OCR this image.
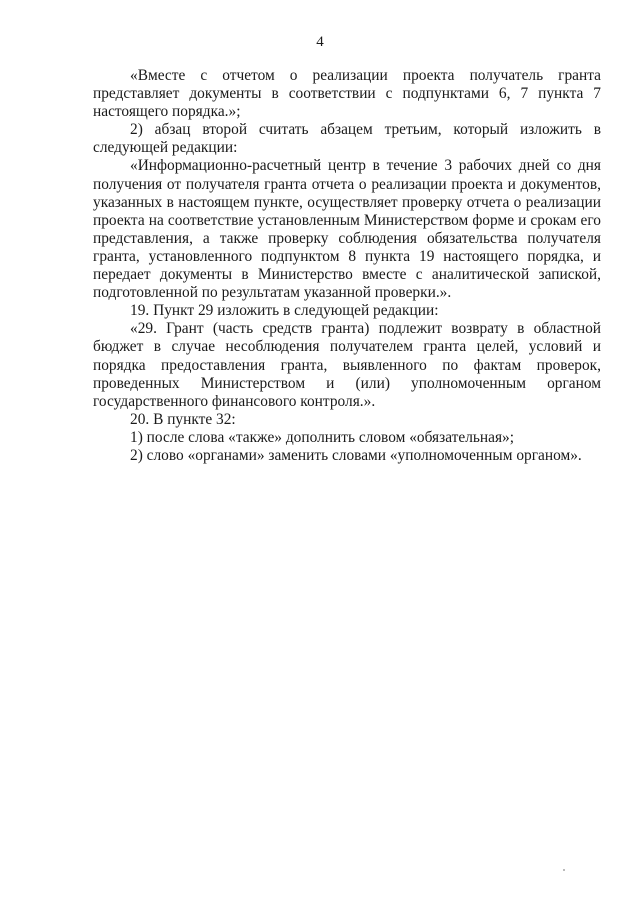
4

«Вместе с отчетом о реализации проекта получатель гранта представляет документы в соответствии с подпунктами 6, 7 пункта 7 настоящего порядка.»;

2) абзац второй считать абзацем третьим, который изложить в следующей редакции:

«Информационно-расчетный центр в течение 3 рабочих дней со дня получения от получателя гранта отчета о реализации проекта и документов, указанных в настоящем пункте, осуществляет проверку отчета о реализации проекта на соответствие установленным Министерством форме и срокам его представления, а также проверку соблюдения обязательства получателя гранта, установленного подпунктом 8 пункта 19 настоящего порядка, и передает документы в Министерство вместе с аналитической запиской, подготовленной по результатам указанной проверки.».

19. Пункт 29 изложить в следующей редакции:

«29. Грант (часть средств гранта) подлежит возврату в областной бюджет в случае несоблюдения получателем гранта целей, условий и порядка предоставления гранта, выявленного по фактам проверок, проведенных Министерством и (или) уполномоченным органом государственного финансового контроля.».

20. В пункте 32:

1) после слова «также» дополнить словом «обязательная»;

2) слово «органами» заменить словами «уполномоченным органом».
